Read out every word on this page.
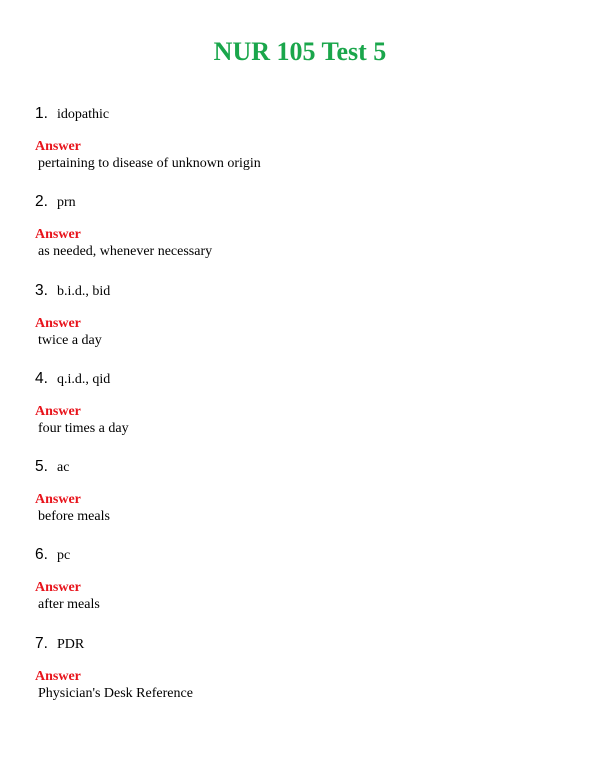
NUR 105 Test 5
1. idopathic
Answer
pertaining to disease of unknown origin
2. prn
Answer
as needed, whenever necessary
3. b.i.d., bid
Answer
twice a day
4. q.i.d., qid
Answer
four times a day
5. ac
Answer
before meals
6. pc
Answer
after meals
7. PDR
Answer
Physician's Desk Reference
